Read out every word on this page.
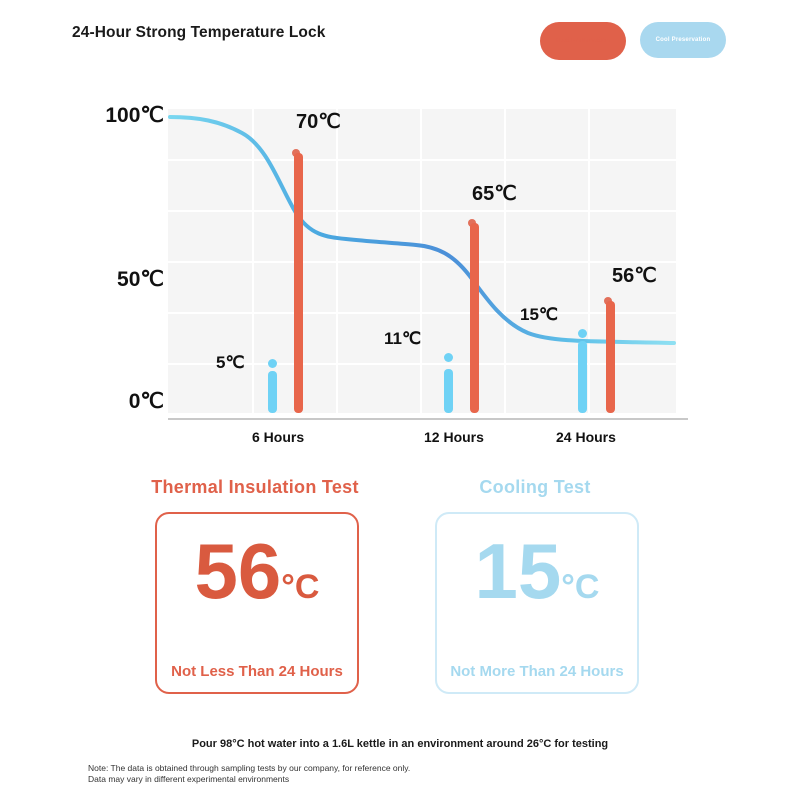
24-Hour Strong Temperature Lock	Heat Preservation	Cool Preservation
100℃
50℃
0℃
6 Hours	12 Hours	24 Hours
70℃
65℃
56℃
5℃
11℃
15℃
Thermal Insulation Test
56°C
Not Less Than 24 Hours
Cooling Test
15°C
Not More Than 24 Hours
Pour 98°C hot water into a 1.6L kettle in an environment around 26°C for testing
Note: The data is obtained through sampling tests by our company, for reference only. Data may vary in different experimental environments
